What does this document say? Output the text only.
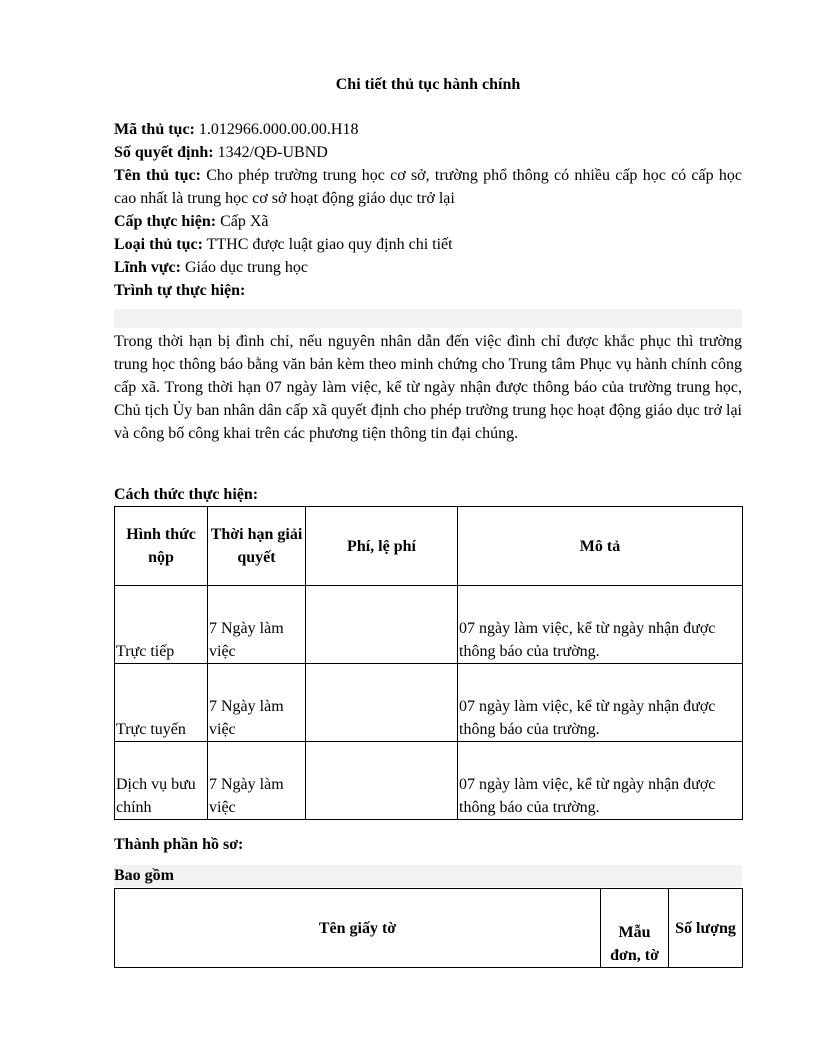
Chi tiết thủ tục hành chính
Mã thủ tục: 1.012966.000.00.00.H18
Số quyết định: 1342/QĐ-UBND
Tên thủ tục: Cho phép trường trung học cơ sở, trường phổ thông có nhiều cấp học có cấp học cao nhất là trung học cơ sở hoạt động giáo dục trở lại
Cấp thực hiện: Cấp Xã
Loại thủ tục: TTHC được luật giao quy định chi tiết
Lĩnh vực: Giáo dục trung học
Trình tự thực hiện:
Trong thời hạn bị đình chỉ, nếu nguyên nhân dẫn đến việc đình chỉ được khắc phục thì trường trung học thông báo bằng văn bản kèm theo minh chứng cho Trung tâm Phục vụ hành chính công cấp xã. Trong thời hạn 07 ngày làm việc, kể từ ngày nhận được thông báo của trường trung học, Chủ tịch Ủy ban nhân dân cấp xã quyết định cho phép trường trung học hoạt động giáo dục trở lại và công bố công khai trên các phương tiện thông tin đại chúng.
Cách thức thực hiện:
Hình thức nộp	Thời hạn giải quyết	Phí, lệ phí	Mô tả
Trực tiếp	7 Ngày làm việc		07 ngày làm việc, kể từ ngày nhận được thông báo của trường.
Trực tuyến	7 Ngày làm việc		07 ngày làm việc, kể từ ngày nhận được thông báo của trường.
Dịch vụ bưu chính	7 Ngày làm việc		07 ngày làm việc, kể từ ngày nhận được thông báo của trường.
Thành phần hồ sơ:
Bao gồm
Tên giấy tờ	Mẫu đơn, tờ	Số lượng
